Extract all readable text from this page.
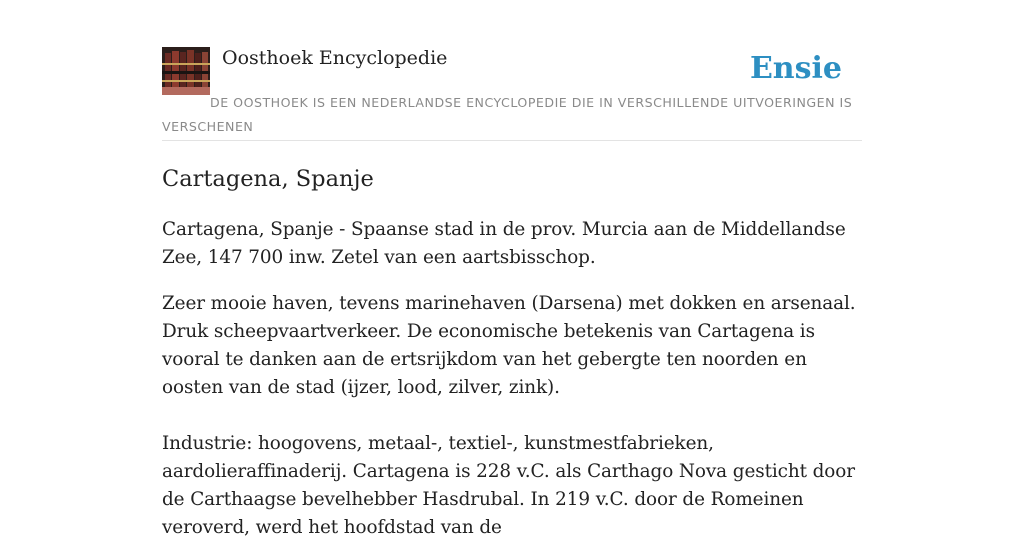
Oosthoek Encyclopedie	Ensie
DE OOSTHOEK IS EEN NEDERLANDSE ENCYCLOPEDIE DIE IN VERSCHILLENDE UITVOERINGEN IS VERSCHENEN
Cartagena, Spanje

Cartagena, Spanje - Spaanse stad in de prov. Murcia aan de Middellandse Zee, 147 700 inw. Zetel van een aartsbisschop.

Zeer mooie haven, tevens marinehaven (Darsena) met dokken en arsenaal. Druk scheepvaartverkeer. De economische betekenis van Cartagena is vooral te danken aan de ertsrijkdom van het gebergte ten noorden en oosten van de stad (ijzer, lood, zilver, zink).

Industrie: hoogovens, metaal-, textiel-, kunstmestfabrieken, aardolieraffinaderij. Cartagena is 228 v.C. als Carthago Nova gesticht door de Carthaagse bevelhebber Hasdrubal. In 219 v.C. door de Romeinen veroverd, werd het hoofdstad van de
